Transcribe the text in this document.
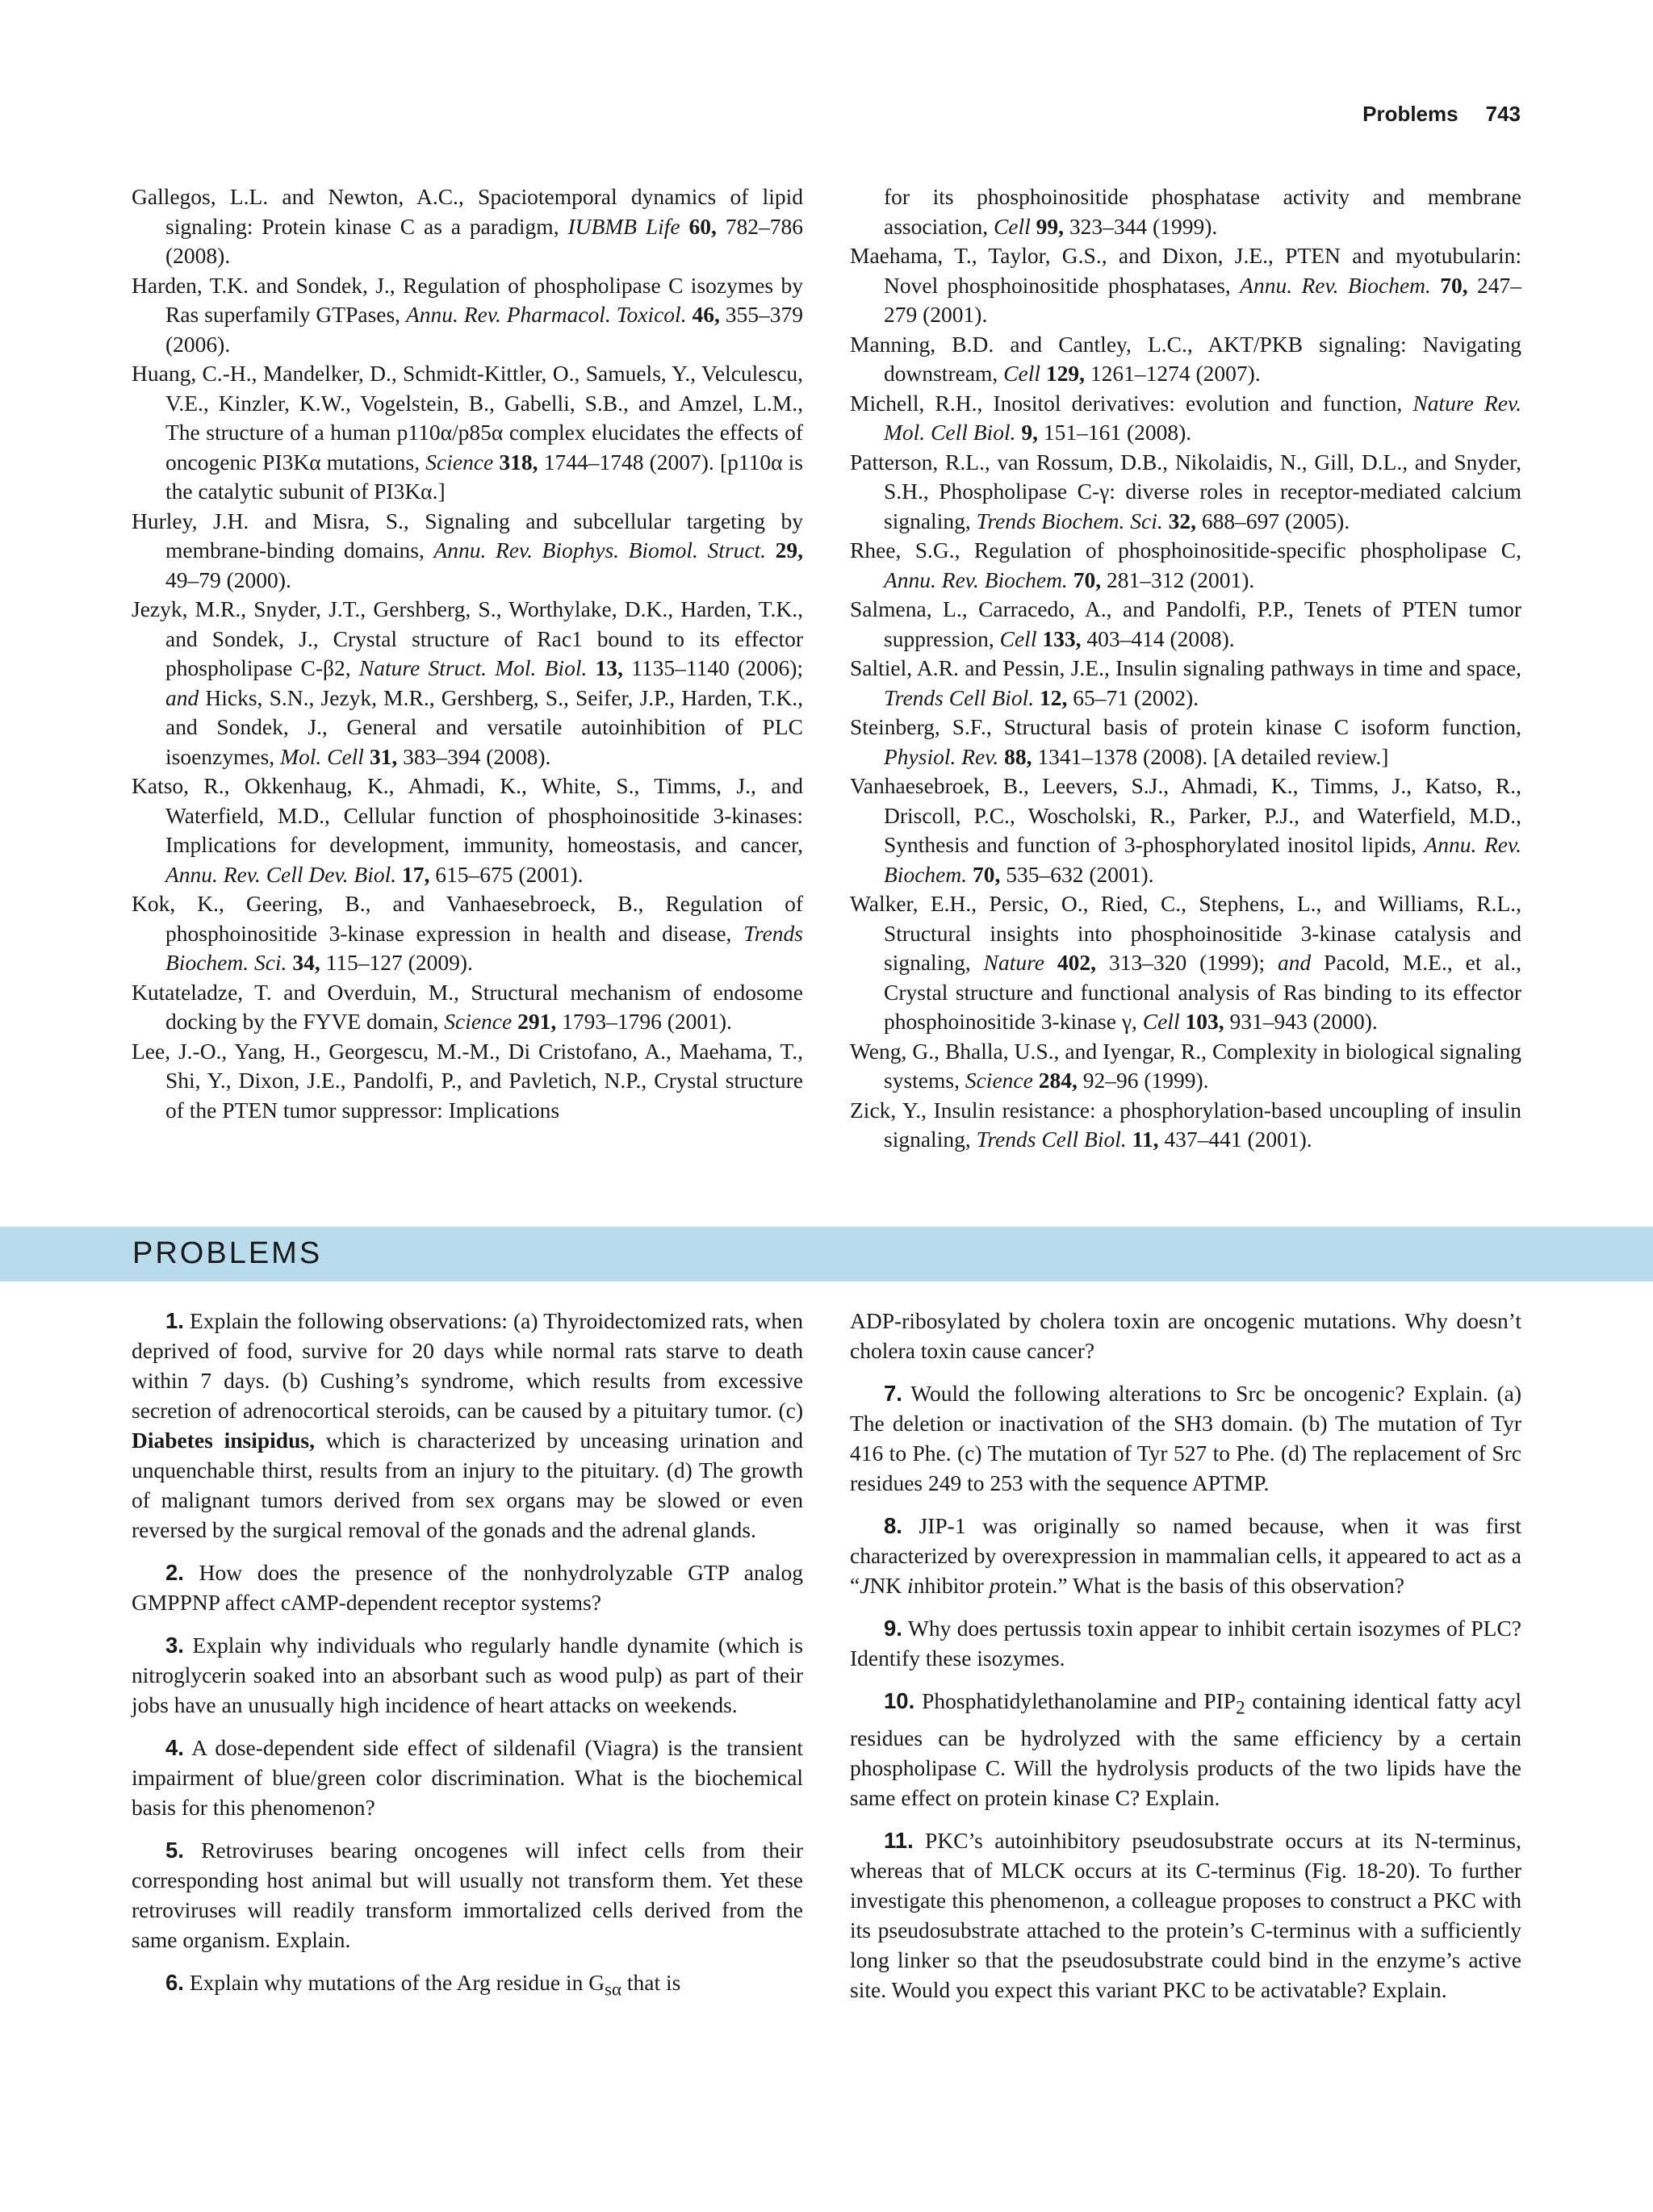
Problems 743
Gallegos, L.L. and Newton, A.C., Spaciotemporal dynamics of lipid signaling: Protein kinase C as a paradigm, IUBMB Life 60, 782–786 (2008).
Harden, T.K. and Sondek, J., Regulation of phospholipase C isozymes by Ras superfamily GTPases, Annu. Rev. Pharmacol. Toxicol. 46, 355–379 (2006).
Huang, C.-H., Mandelker, D., Schmidt-Kittler, O., Samuels, Y., Velculescu, V.E., Kinzler, K.W., Vogelstein, B., Gabelli, S.B., and Amzel, L.M., The structure of a human p110α/p85α complex elucidates the effects of oncogenic PI3Kα mutations, Science 318, 1744–1748 (2007). [p110α is the catalytic subunit of PI3Kα.]
Hurley, J.H. and Misra, S., Signaling and subcellular targeting by membrane-binding domains, Annu. Rev. Biophys. Biomol. Struct. 29, 49–79 (2000).
Jezyk, M.R., Snyder, J.T., Gershberg, S., Worthylake, D.K., Harden, T.K., and Sondek, J., Crystal structure of Rac1 bound to its effector phospholipase C-β2, Nature Struct. Mol. Biol. 13, 1135–1140 (2006); and Hicks, S.N., Jezyk, M.R., Gershberg, S., Seifer, J.P., Harden, T.K., and Sondek, J., General and versatile autoinhibition of PLC isoenzymes, Mol. Cell 31, 383–394 (2008).
Katso, R., Okkenhaug, K., Ahmadi, K., White, S., Timms, J., and Waterfield, M.D., Cellular function of phosphoinositide 3-kinases: Implications for development, immunity, homeostasis, and cancer, Annu. Rev. Cell Dev. Biol. 17, 615–675 (2001).
Kok, K., Geering, B., and Vanhaesebroeck, B., Regulation of phosphoinositide 3-kinase expression in health and disease, Trends Biochem. Sci. 34, 115–127 (2009).
Kutateladze, T. and Overduin, M., Structural mechanism of endosome docking by the FYVE domain, Science 291, 1793–1796 (2001).
Lee, J.-O., Yang, H., Georgescu, M.-M., Di Cristofano, A., Maehama, T., Shi, Y., Dixon, J.E., Pandolfi, P., and Pavletich, N.P., Crystal structure of the PTEN tumor suppressor: Implications
for its phosphoinositide phosphatase activity and membrane association, Cell 99, 323–344 (1999).
Maehama, T., Taylor, G.S., and Dixon, J.E., PTEN and myotubularin: Novel phosphoinositide phosphatases, Annu. Rev. Biochem. 70, 247–279 (2001).
Manning, B.D. and Cantley, L.C., AKT/PKB signaling: Navigating downstream, Cell 129, 1261–1274 (2007).
Michell, R.H., Inositol derivatives: evolution and function, Nature Rev. Mol. Cell Biol. 9, 151–161 (2008).
Patterson, R.L., van Rossum, D.B., Nikolaidis, N., Gill, D.L., and Snyder, S.H., Phospholipase C-γ: diverse roles in receptor-mediated calcium signaling, Trends Biochem. Sci. 32, 688–697 (2005).
Rhee, S.G., Regulation of phosphoinositide-specific phospholipase C, Annu. Rev. Biochem. 70, 281–312 (2001).
Salmena, L., Carracedo, A., and Pandolfi, P.P., Tenets of PTEN tumor suppression, Cell 133, 403–414 (2008).
Saltiel, A.R. and Pessin, J.E., Insulin signaling pathways in time and space, Trends Cell Biol. 12, 65–71 (2002).
Steinberg, S.F., Structural basis of protein kinase C isoform function, Physiol. Rev. 88, 1341–1378 (2008). [A detailed review.]
Vanhaesebroek, B., Leevers, S.J., Ahmadi, K., Timms, J., Katso, R., Driscoll, P.C., Woscholski, R., Parker, P.J., and Waterfield, M.D., Synthesis and function of 3-phosphorylated inositol lipids, Annu. Rev. Biochem. 70, 535–632 (2001).
Walker, E.H., Persic, O., Ried, C., Stephens, L., and Williams, R.L., Structural insights into phosphoinositide 3-kinase catalysis and signaling, Nature 402, 313–320 (1999); and Pacold, M.E., et al., Crystal structure and functional analysis of Ras binding to its effector phosphoinositide 3-kinase γ, Cell 103, 931–943 (2000).
Weng, G., Bhalla, U.S., and Iyengar, R., Complexity in biological signaling systems, Science 284, 92–96 (1999).
Zick, Y., Insulin resistance: a phosphorylation-based uncoupling of insulin signaling, Trends Cell Biol. 11, 437–441 (2001).
PROBLEMS
1. Explain the following observations: (a) Thyroidectomized rats, when deprived of food, survive for 20 days while normal rats starve to death within 7 days. (b) Cushing’s syndrome, which results from excessive secretion of adrenocortical steroids, can be caused by a pituitary tumor. (c) Diabetes insipidus, which is characterized by unceasing urination and unquenchable thirst, results from an injury to the pituitary. (d) The growth of malignant tumors derived from sex organs may be slowed or even reversed by the surgical removal of the gonads and the adrenal glands.
2. How does the presence of the nonhydrolyzable GTP analog GMPPNP affect cAMP-dependent receptor systems?
3. Explain why individuals who regularly handle dynamite (which is nitroglycerin soaked into an absorbant such as wood pulp) as part of their jobs have an unusually high incidence of heart attacks on weekends.
4. A dose-dependent side effect of sildenafil (Viagra) is the transient impairment of blue/green color discrimination. What is the biochemical basis for this phenomenon?
5. Retroviruses bearing oncogenes will infect cells from their corresponding host animal but will usually not transform them. Yet these retroviruses will readily transform immortalized cells derived from the same organism. Explain.
6. Explain why mutations of the Arg residue in $G_{s\alpha}$ that is
ADP-ribosylated by cholera toxin are oncogenic mutations. Why doesn’t cholera toxin cause cancer?
7. Would the following alterations to Src be oncogenic? Explain. (a) The deletion or inactivation of the SH3 domain. (b) The mutation of Tyr 416 to Phe. (c) The mutation of Tyr 527 to Phe. (d) The replacement of Src residues 249 to 253 with the sequence APTMP.
8. JIP-1 was originally so named because, when it was first characterized by overexpression in mammalian cells, it appeared to act as a “JNK inhibitor protein.” What is the basis of this observation?
9. Why does pertussis toxin appear to inhibit certain isozymes of PLC? Identify these isozymes.
10. Phosphatidylethanolamine and $PIP_2$ containing identical fatty acyl residues can be hydrolyzed with the same efficiency by a certain phospholipase C. Will the hydrolysis products of the two lipids have the same effect on protein kinase C? Explain.
11. PKC’s autoinhibitory pseudosubstrate occurs at its N-terminus, whereas that of MLCK occurs at its C-terminus (Fig. 18-20). To further investigate this phenomenon, a colleague proposes to construct a PKC with its pseudosubstrate attached to the protein’s C-terminus with a sufficiently long linker so that the pseudosubstrate could bind in the enzyme’s active site. Would you expect this variant PKC to be activatable? Explain.
